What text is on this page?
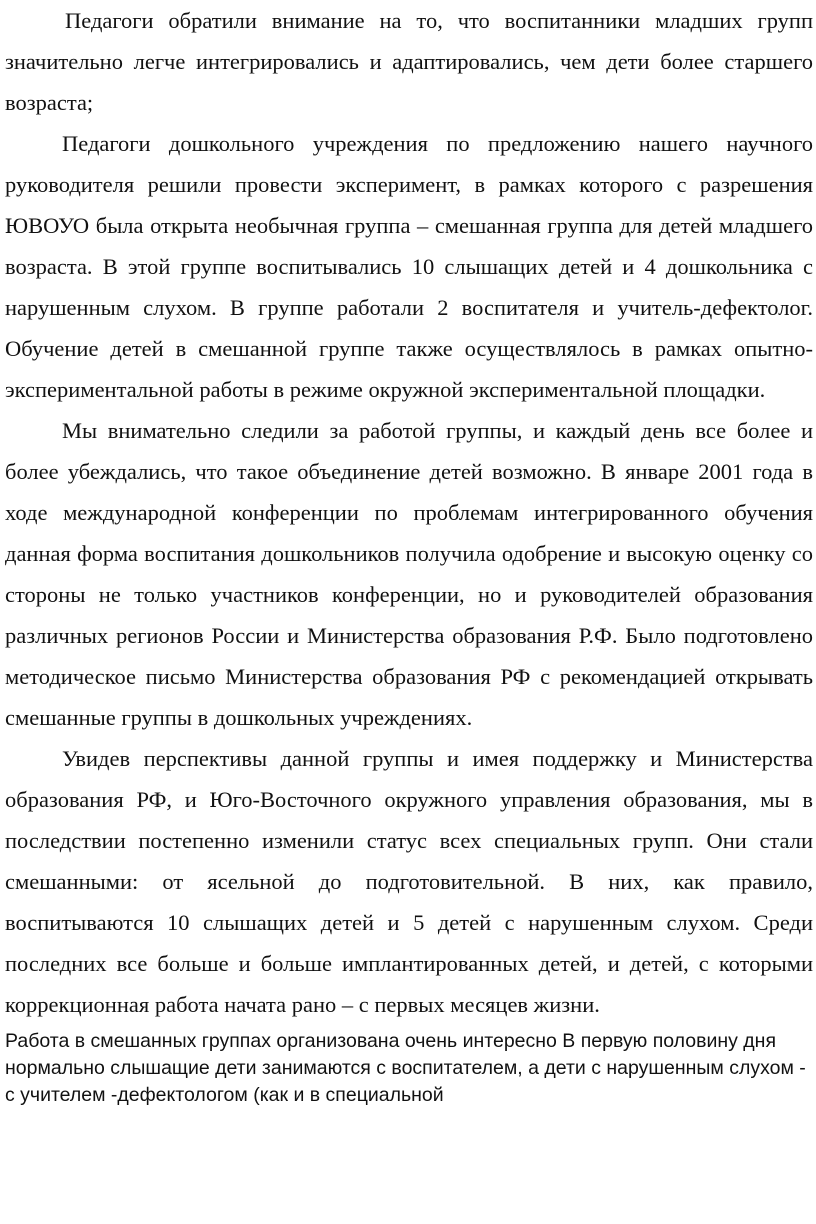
Педагоги обратили внимание на то, что воспитанники младших групп значительно легче интегрировались и адаптировались, чем дети более старшего возраста;

Педагоги дошкольного учреждения по предложению нашего научного руководителя решили провести эксперимент, в рамках которого с разрешения ЮВОУО была открыта необычная группа – смешанная группа для детей младшего возраста. В этой группе воспитывались 10 слышащих детей и 4 дошкольника с нарушенным слухом. В группе работали 2 воспитателя и учитель-дефектолог. Обучение детей в смешанной группе также осуществлялось в рамках опытно-экспериментальной работы в режиме окружной экспериментальной площадки.

Мы внимательно следили за работой группы, и каждый день все более и более убеждались, что такое объединение детей возможно. В январе 2001 года в ходе международной конференции по проблемам интегрированного обучения данная форма воспитания дошкольников получила одобрение и высокую оценку со стороны не только участников конференции, но и руководителей образования различных регионов России и Министерства образования Р.Ф. Было подготовлено методическое письмо Министерства образования РФ с рекомендацией открывать смешанные группы в дошкольных учреждениях.

Увидев перспективы данной группы и имея поддержку и Министерства образования РФ, и Юго-Восточного окружного управления образования, мы в последствии постепенно изменили статус всех специальных групп. Они стали смешанными: от ясельной до подготовительной. В них, как правило, воспитываются 10 слышащих детей и 5 детей с нарушенным слухом. Среди последних все больше и больше имплантированных детей, и детей, с которыми коррекционная работа начата рано – с первых месяцев жизни.

Работа в смешанных группах организована очень интересно В первую половину дня нормально слышащие дети занимаются с воспитателем, а дети с нарушенным слухом - с учителем -дефектологом (как и в специальной
